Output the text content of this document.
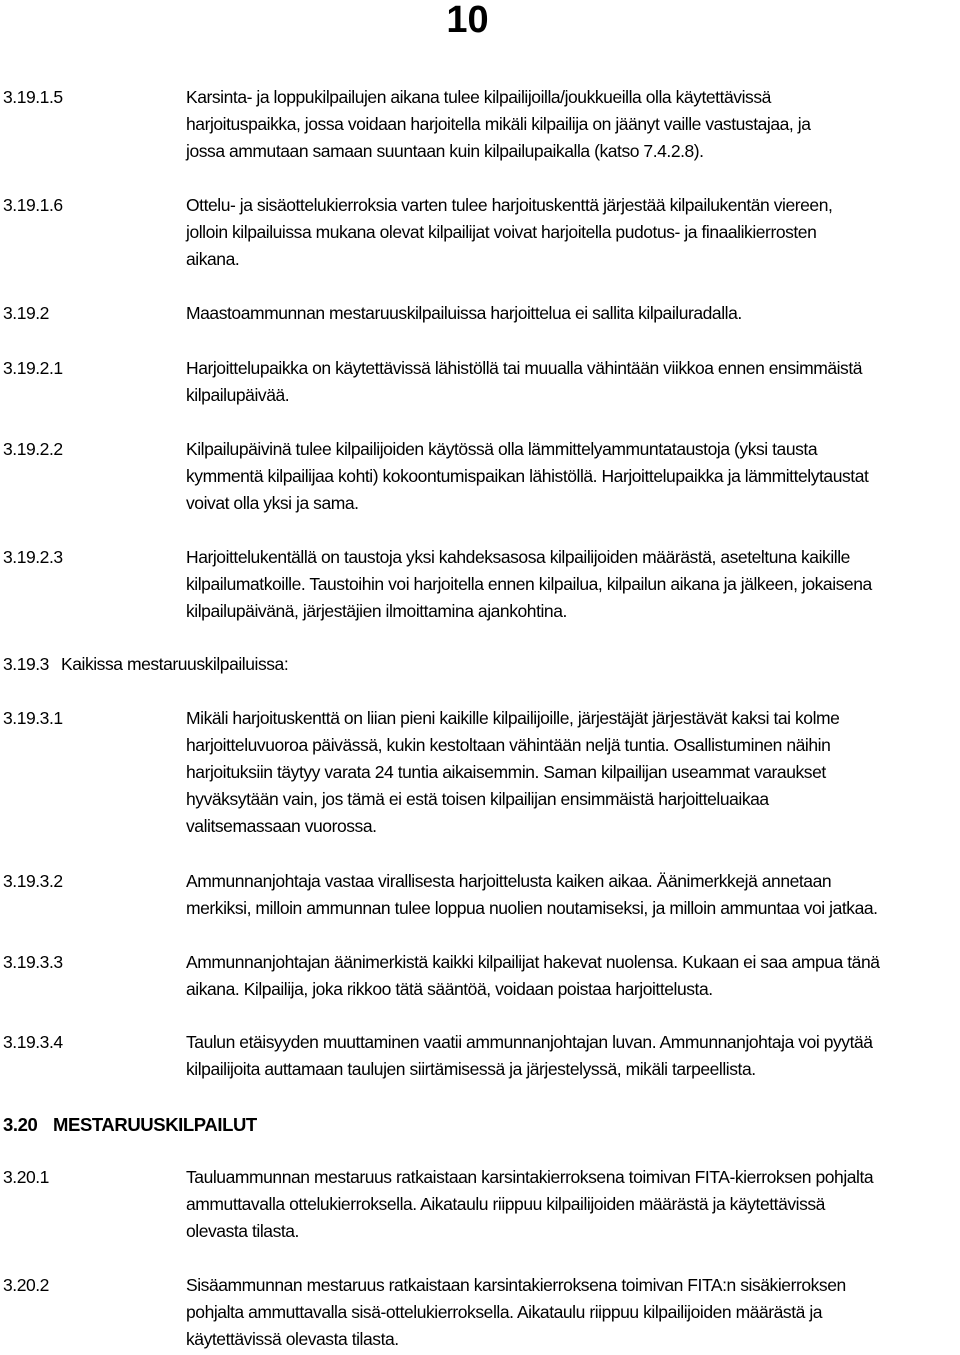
10
3.19.1.5	Karsinta- ja loppukilpailujen aikana tulee kilpailijoilla/joukkueilla olla käytettävissä

harjoituspaikka, jossa voidaan harjoitella mikäli kilpailija on jäänyt vaille vastustajaa, ja

jossa ammutaan samaan suuntaan kuin kilpailupaikalla (katso 7.4.2.8).

3.19.1.6	Ottelu- ja sisäottelukierroksia varten tulee harjoituskenttä järjestää kilpailukentän viereen,

jolloin kilpailuissa mukana olevat kilpailijat voivat harjoitella pudotus- ja finaalikierrosten

aikana.

3.19.2	Maastoammunnan mestaruuskilpailuissa harjoittelua ei sallita kilpailuradalla.

3.19.2.1	Harjoittelupaikka on käytettävissä lähistöllä tai muualla vähintään viikkoa ennen ensimmäistä

kilpailupäivää.

3.19.2.2	Kilpailupäivinä tulee kilpailijoiden käytössä olla lämmittelyammuntataustoja (yksi tausta

kymmentä kilpailijaa kohti) kokoontumispaikan lähistöllä. Harjoittelupaikka ja lämmittelytaustat

voivat olla yksi ja sama.

3.19.2.3	Harjoittelukentällä on taustoja yksi kahdeksasosa kilpailijoiden määrästä, aseteltuna kaikille

kilpailumatkoille. Taustoihin voi harjoitella ennen kilpailua, kilpailun aikana ja jälkeen, jokaisena

kilpailupäivänä, järjestäjien ilmoittamina ajankohtina.

3.19.3.1	Mikäli harjoituskenttä on liian pieni kaikille kilpailijoille, järjestäjät järjestävät kaksi tai kolme

harjoitteluvuoroa päivässä, kukin kestoltaan vähintään neljä tuntia. Osallistuminen näihin

harjoituksiin täytyy varata 24 tuntia aikaisemmin. Saman kilpailijan useammat varaukset

hyväksytään vain, jos tämä ei estä toisen kilpailijan ensimmäistä harjoitteluaikaa

valitsemassaan vuorossa.

3.19.3.2	Ammunnanjohtaja vastaa virallisesta harjoittelusta kaiken aikaa. Äänimerkkejä annetaan

merkiksi, milloin ammunnan tulee loppua nuolien noutamiseksi, ja milloin ammuntaa voi jatkaa.

3.19.3.3	Ammunnanjohtajan äänimerkistä kaikki kilpailijat hakevat nuolensa. Kukaan ei saa ampua tänä

aikana. Kilpailija, joka rikkoo tätä sääntöä, voidaan poistaa harjoittelusta.

3.19.3.4	Taulun etäisyyden muuttaminen vaatii ammunnanjohtajan luvan. Ammunnanjohtaja voi pyytää

kilpailijoita auttamaan taulujen siirtämisessä ja järjestelyssä, mikäli tarpeellista.

3.20.1	Tauluammunnan mestaruus ratkaistaan karsintakierroksena toimivan FITA-kierroksen pohjalta

ammuttavalla ottelukierroksella. Aikataulu riippuu kilpailijoiden määrästä ja käytettävissä

olevasta tilasta.

3.20.2	Sisäammunnan mestaruus ratkaistaan karsintakierroksena toimivan FITA:n sisäkierroksen

pohjalta ammuttavalla sisä-ottelukierroksella. Aikataulu riippuu kilpailijoiden määrästä ja

käytettävissä olevasta tilasta.

3.19.3 Kaikissa mestaruuskilpailuissa:
3.20 MESTARUUSKILPAILUT
